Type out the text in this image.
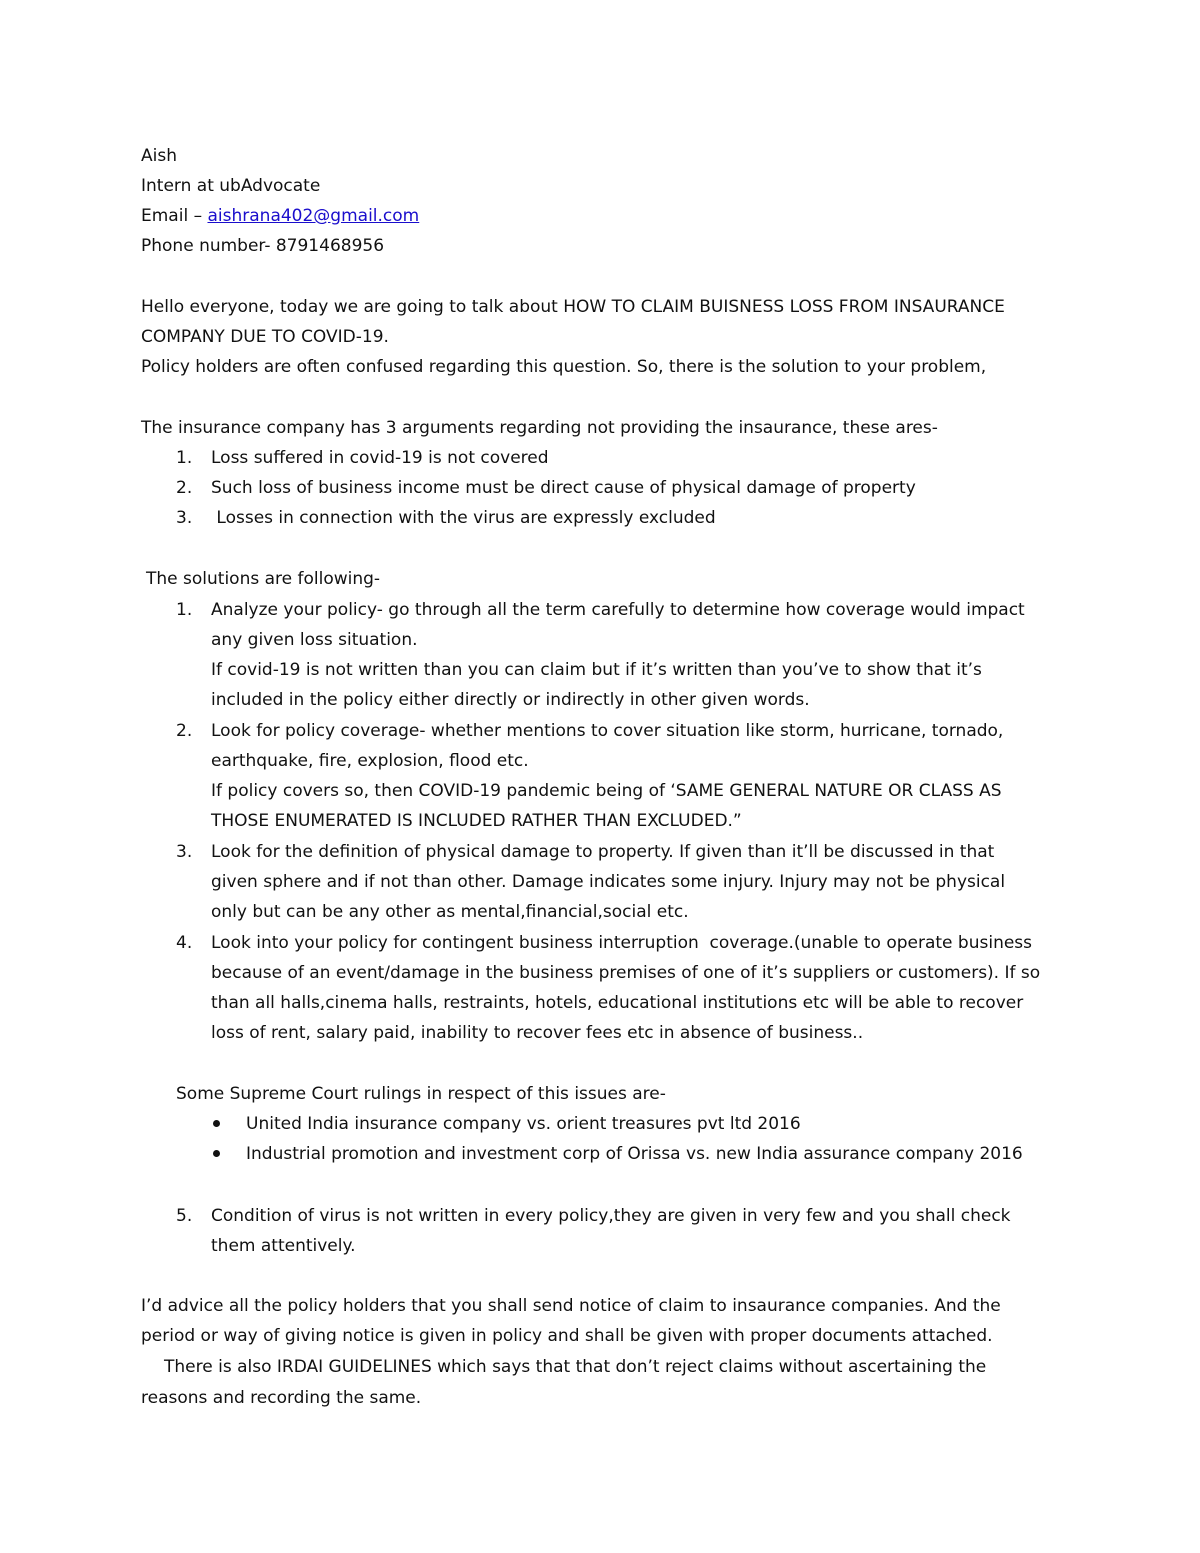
Aish
Intern at ubAdvocate
Email – aishrana402@gmail.com
Phone number- 8791468956
Hello everyone, today we are going to talk about HOW TO CLAIM BUISNESS LOSS FROM INSAURANCE
COMPANY DUE TO COVID-19.
Policy holders are often confused regarding this question. So, there is the solution to your problem,
The insurance company has 3 arguments regarding not providing the insaurance, these ares-
1. Loss suffered in covid-19 is not covered
2. Such loss of business income must be direct cause of physical damage of property
3. Losses in connection with the virus are expressly excluded
The solutions are following-
1. Analyze your policy- go through all the term carefully to determine how coverage would impact
any given loss situation.
If covid-19 is not written than you can claim but if it’s written than you’ve to show that it’s
included in the policy either directly or indirectly in other given words.
2. Look for policy coverage- whether mentions to cover situation like storm, hurricane, tornado,
earthquake, fire, explosion, flood etc.
If policy covers so, then COVID-19 pandemic being of ‘SAME GENERAL NATURE OR CLASS AS
THOSE ENUMERATED IS INCLUDED RATHER THAN EXCLUDED.”
3. Look for the definition of physical damage to property. If given than it’ll be discussed in that
given sphere and if not than other. Damage indicates some injury. Injury may not be physical
only but can be any other as mental,financial,social etc.
4. Look into your policy for contingent business interruption  coverage.(unable to operate business
because of an event/damage in the business premises of one of it’s suppliers or customers). If so
than all halls,cinema halls, restraints, hotels, educational institutions etc will be able to recover
loss of rent, salary paid, inability to recover fees etc in absence of business..
Some Supreme Court rulings in respect of this issues are-
United India insurance company vs. orient treasures pvt ltd 2016
Industrial promotion and investment corp of Orissa vs. new India assurance company 2016
5. Condition of virus is not written in every policy,they are given in very few and you shall check
them attentively.
I’d advice all the policy holders that you shall send notice of claim to insaurance companies. And the
period or way of giving notice is given in policy and shall be given with proper documents attached.
There is also IRDAI GUIDELINES which says that that don’t reject claims without ascertaining the
reasons and recording the same.
